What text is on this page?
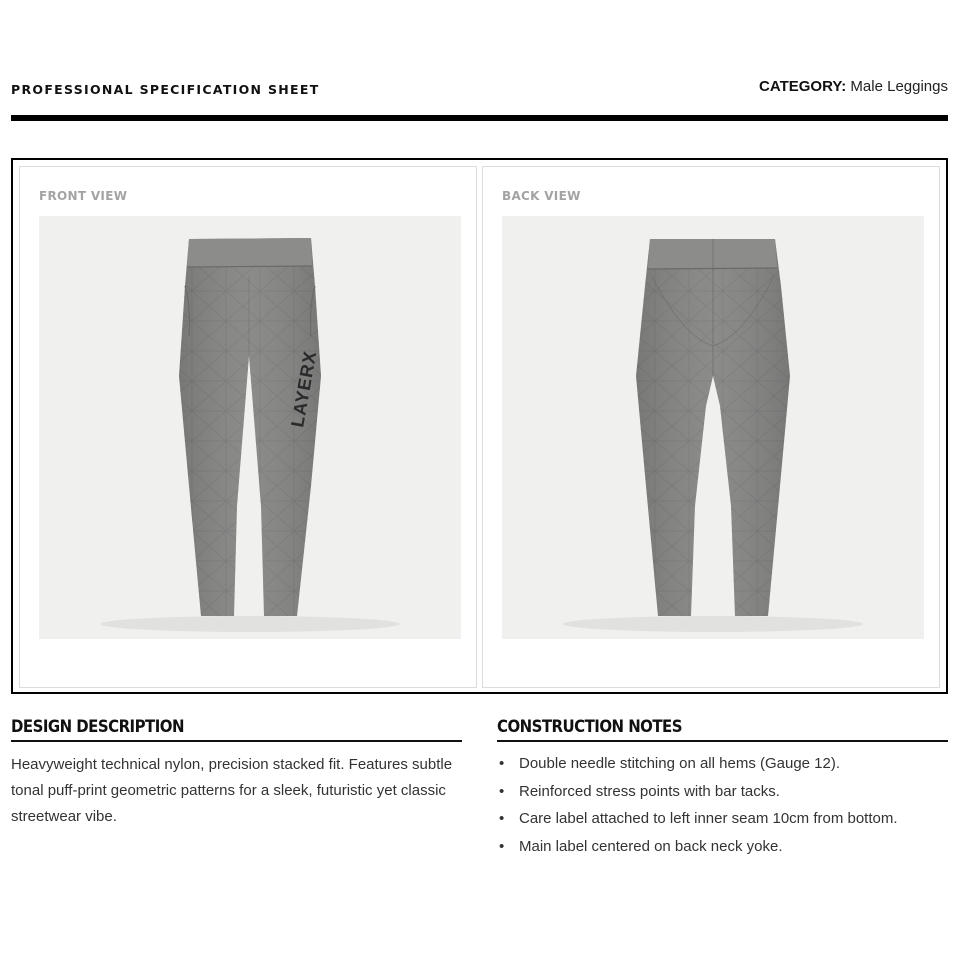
PROFESSIONAL SPECIFICATION SHEET	CATEGORY: Male Leggings
FRONT VIEW
LAYERX
BACK VIEW
DESIGN DESCRIPTION

Heavyweight technical nylon, precision stacked fit. Features subtle tonal puff-print geometric patterns for a sleek, futuristic yet classic streetwear vibe.

CONSTRUCTION NOTES
• Double needle stitching on all hems (Gauge 12).
• Reinforced stress points with bar tacks.
• Care label attached to left inner seam 10cm from bottom.
• Main label centered on back neck yoke.
